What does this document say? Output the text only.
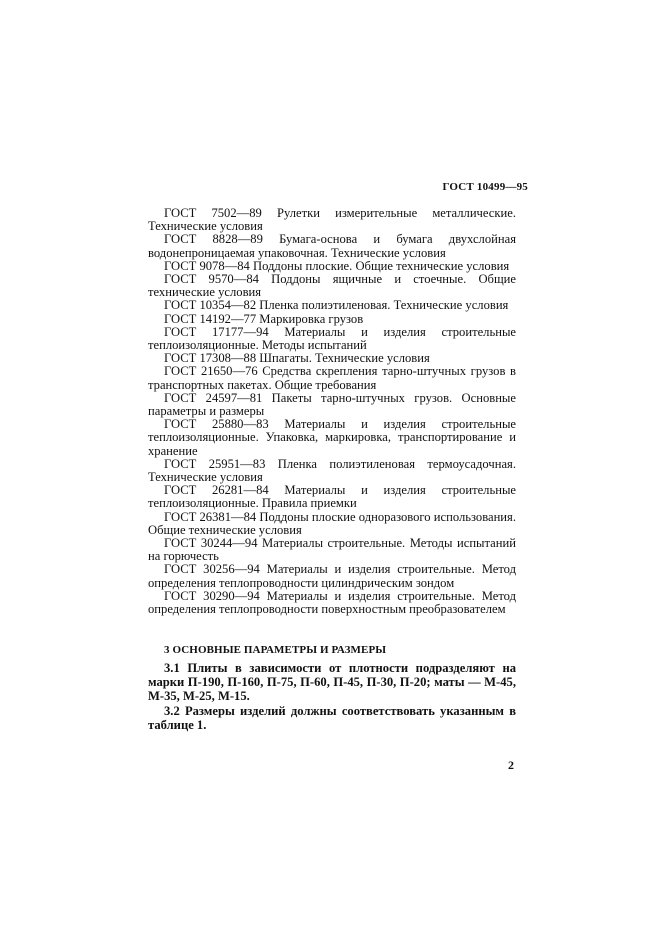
ГОСТ 10499—95

ГОСТ 7502—89 Рулетки измерительные металлические. Технические условия

ГОСТ 8828—89 Бумага-основа и бумага двухслойная водонепроницаемая упаковочная. Технические условия

ГОСТ 9078—84 Поддоны плоские. Общие технические условия

ГОСТ 9570—84 Поддоны ящичные и стоечные. Общие технические условия

ГОСТ 10354—82 Пленка полиэтиленовая. Технические условия

ГОСТ 14192—77 Маркировка грузов

ГОСТ 17177—94 Материалы и изделия строительные теплоизоляционные. Методы испытаний

ГОСТ 17308—88 Шпагаты. Технические условия

ГОСТ 21650—76 Средства скрепления тарно-штучных грузов в транспортных пакетах. Общие требования

ГОСТ 24597—81 Пакеты тарно-штучных грузов. Основные параметры и размеры

ГОСТ 25880—83 Материалы и изделия строительные теплоизоляционные. Упаковка, маркировка, транспортирование и хранение

ГОСТ 25951—83 Пленка полиэтиленовая термоусадочная. Технические условия

ГОСТ 26281—84 Материалы и изделия строительные теплоизоляционные. Правила приемки

ГОСТ 26381—84 Поддоны плоские одноразового использования. Общие технические условия

ГОСТ 30244—94 Материалы строительные. Методы испытаний на горючесть

ГОСТ 30256—94 Материалы и изделия строительные. Метод определения теплопроводности цилиндрическим зондом

ГОСТ 30290—94 Материалы и изделия строительные. Метод определения теплопроводности поверхностным преобразователем

3 ОСНОВНЫЕ ПАРАМЕТРЫ И РАЗМЕРЫ

3.1 Плиты в зависимости от плотности подразделяют на марки П-190, П-160, П-75, П-60, П-45, П-30, П-20; маты — М-45, М-35, М-25, М-15.

3.2 Размеры изделий должны соответствовать указанным в таблице 1.

2
